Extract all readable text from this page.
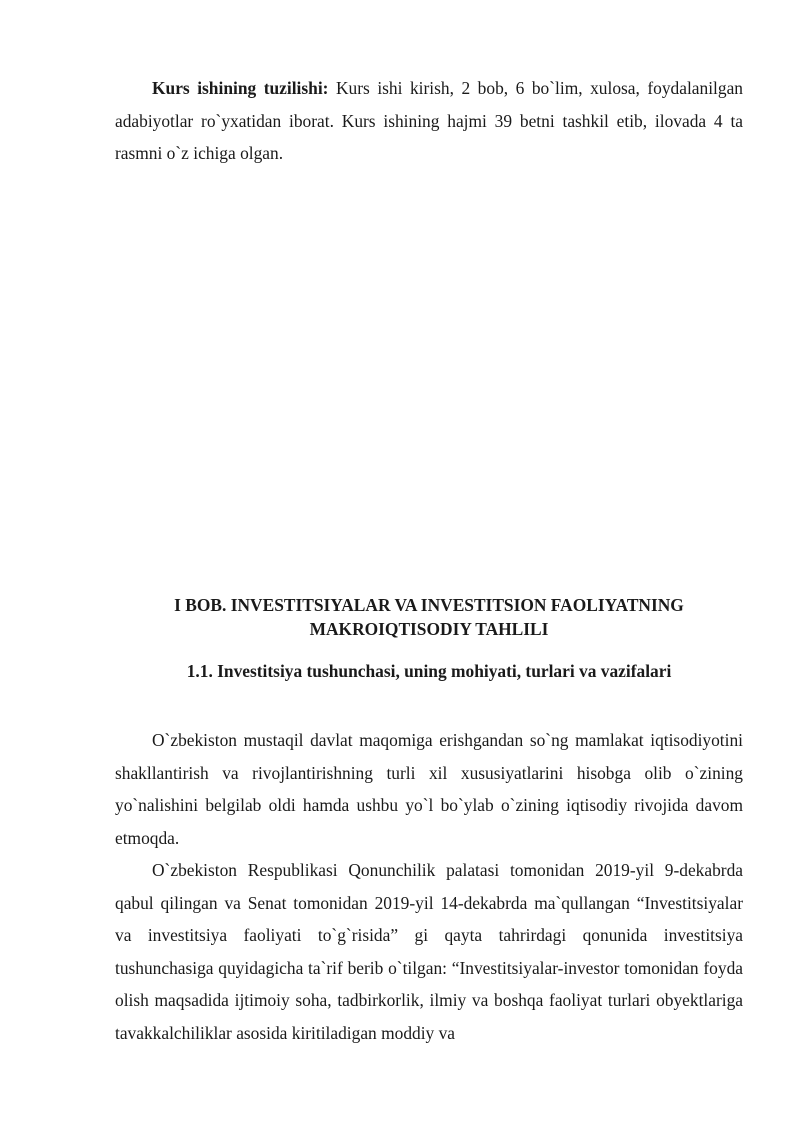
Kurs ishining tuzilishi: Kurs ishi kirish, 2 bob, 6 bo`lim, xulosa, foydalanilgan adabiyotlar ro`yxatidan iborat. Kurs ishining hajmi 39 betni tashkil etib, ilovada 4 ta rasmni o`z ichiga olgan.

I BOB. INVESTITSIYALAR VA INVESTITSION FAOLIYATNING
MAKROIQTISODIY TAHLILI
1.1. Investitsiya tushunchasi, uning mohiyati, turlari va vazifalari

O`zbekiston mustaqil davlat maqomiga erishgandan so`ng mamlakat iqtisodiyotini shakllantirish va rivojlantirishning turli xil xususiyatlarini hisobga olib o`zining yo`nalishini belgilab oldi hamda ushbu yo`l bo`ylab o`zining iqtisodiy rivojida davom etmoqda.

O`zbekiston Respublikasi Qonunchilik palatasi tomonidan 2019-yil 9-dekabrda qabul qilingan va Senat tomonidan 2019-yil 14-dekabrda ma`qullangan “Investitsiyalar va investitsiya faoliyati to`g`risida” gi qayta tahrirdagi qonunida investitsiya tushunchasiga quyidagicha ta`rif berib o`tilgan: “Investitsiyalar-investor tomonidan foyda olish maqsadida ijtimoiy soha, tadbirkorlik, ilmiy va boshqa faoliyat turlari obyektlariga tavakkalchiliklar asosida kiritiladigan moddiy va
